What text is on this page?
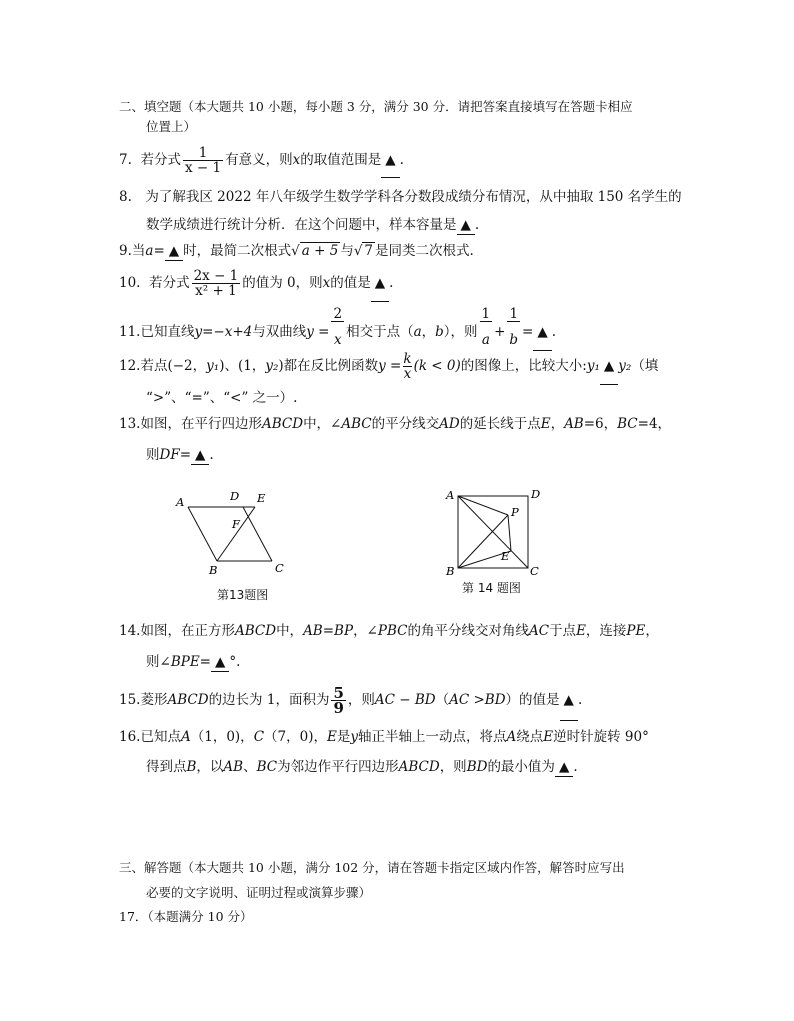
二、填空题（本大题共 10 小题，每小题 3 分，满分 30 分．请把答案直接填写在答题卡相应
位置上）
7. 若分式 $\frac{1}{x - 1}$ 有意义，则x的取值范围是 ▲ .
8.　为了解我区 2022 年八年级学生数学学科各分数段成绩分布情况，从中抽取 150 名学生的
数学成绩进行统计分析．在这个问题中，样本容量是 ▲ .
9.当a= ▲ 时，最简二次根式√ a + 5 与√ 7 是同类二次根式.
10. 若分式 $\frac{2x - 1}{\text{x² + 1}}$ 的值为 0，则x的值是 ▲ .
11.已知直线y=−x+4与双曲线$y = \frac{2}{x}$ 相交于点（a，b），则 $\frac{1}{a} + \frac{1}{b}$ = ▲ .
12.若点(−2，y₁)、(1，y₂)都在反比例函数$y = \frac{k}{x} (k < 0)$的图像上，比较大小:y₁ ▲ y₂（填
“>”、“=”、“<” 之一）.
13.如图，在平行四边形ABCD中，∠ABC的平分线交AD的延长线于点E，AB=6，BC=4，
则DF= ▲ .
A	D E
F
B	C
第13题图
A	D
P
E
B	C
第 14 题图
14.如图，在正方形ABCD中，AB=BP，∠PBC的角平分线交对角线AC于点E，连接PE，
则∠BPE= ▲ °.
15.菱形ABCD的边长为 1，面积为 $\frac{5}{9}$ ，则AC − BD（AC >BD）的值是 ▲ .
16.已知点A（1，0)，C（7，0)，E是y轴正半轴上一动点，将点A绕点E逆时针旋转 90°
得到点B，以AB、BC为邻边作平行四边形ABCD，则BD的最小值为 ▲ .
三、解答题（本大题共 10 小题，满分 102 分，请在答题卡指定区域内作答，解答时应写出
必要的文字说明、证明过程或演算步骤）
17．（本题满分 10 分）
